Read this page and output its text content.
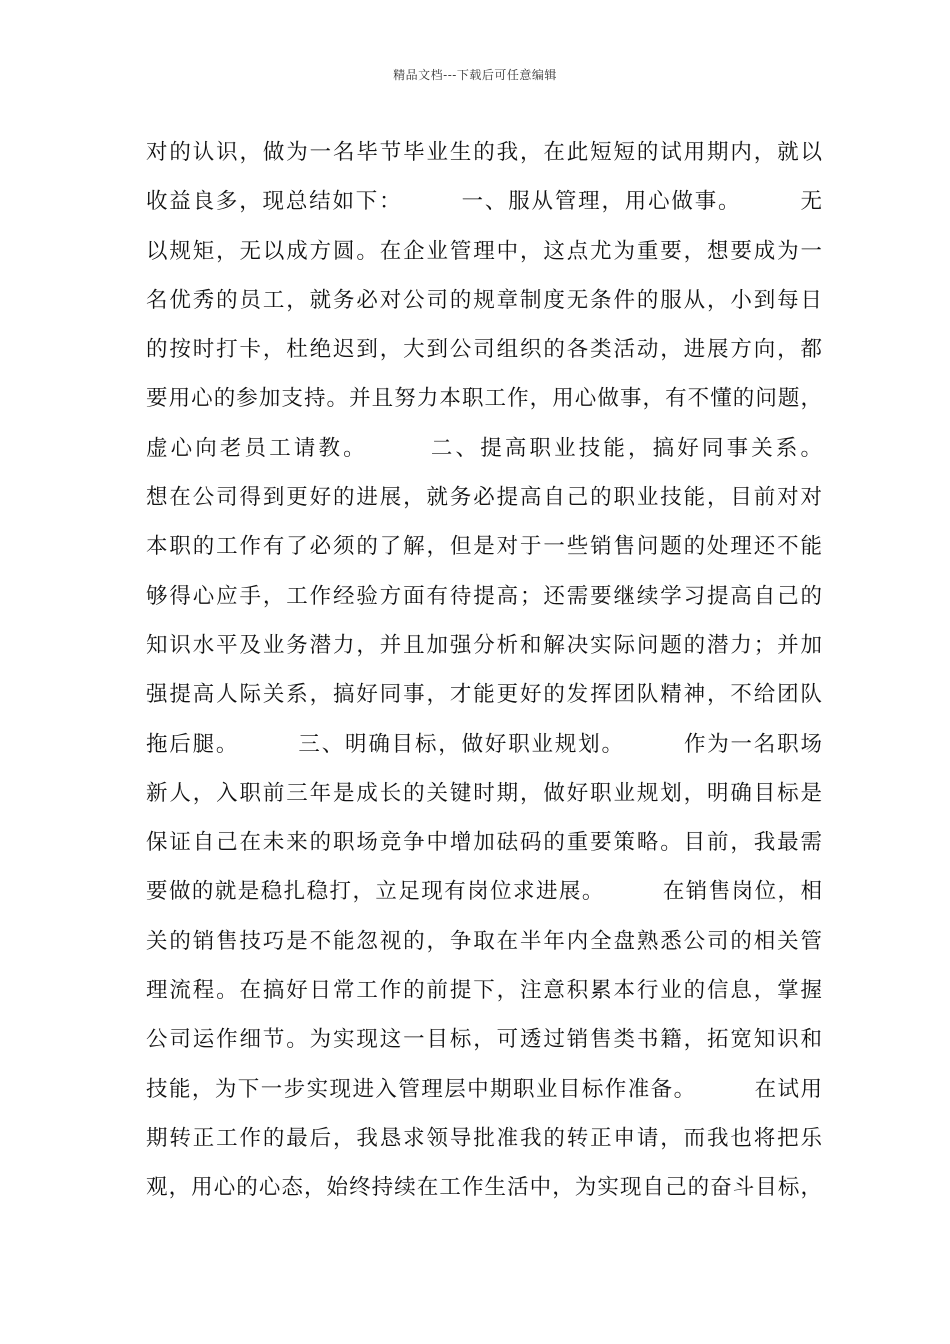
精品文档---下载后可任意编辑
对的认识，做为一名毕节毕业生的我，在此短短的试用期内，就以
收益良多，现总结如下：　　　一、服从管理，用心做事。　　　无
以规矩，无以成方圆。在企业管理中，这点尤为重要，想要成为一
名优秀的员工，就务必对公司的规章制度无条件的服从，小到每日
的按时打卡，杜绝迟到，大到公司组织的各类活动，进展方向，都
要用心的参加支持。并且努力本职工作，用心做事，有不懂的问题，
虚心向老员工请教。　　　二、提高职业技能，搞好同事关系。
想在公司得到更好的进展，就务必提高自己的职业技能，目前对对
本职的工作有了必须的了解，但是对于一些销售问题的处理还不能
够得心应手，工作经验方面有待提高；还需要继续学习提高自己的
知识水平及业务潜力，并且加强分析和解决实际问题的潜力；并加
强提高人际关系，搞好同事，才能更好的发挥团队精神，不给团队
拖后腿。　　　三、明确目标，做好职业规划。　　　作为一名职场
新人，入职前三年是成长的关键时期，做好职业规划，明确目标是
保证自己在未来的职场竞争中增加砝码的重要策略。目前，我最需
要做的就是稳扎稳打，立足现有岗位求进展。　　　在销售岗位，相
关的销售技巧是不能忽视的，争取在半年内全盘熟悉公司的相关管
理流程。在搞好日常工作的前提下，注意积累本行业的信息，掌握
公司运作细节。为实现这一目标，可透过销售类书籍，拓宽知识和
技能，为下一步实现进入管理层中期职业目标作准备。　　　在试用
期转正工作的最后，我恳求领导批准我的转正申请，而我也将把乐
观，用心的心态，始终持续在工作生活中，为实现自己的奋斗目标，
